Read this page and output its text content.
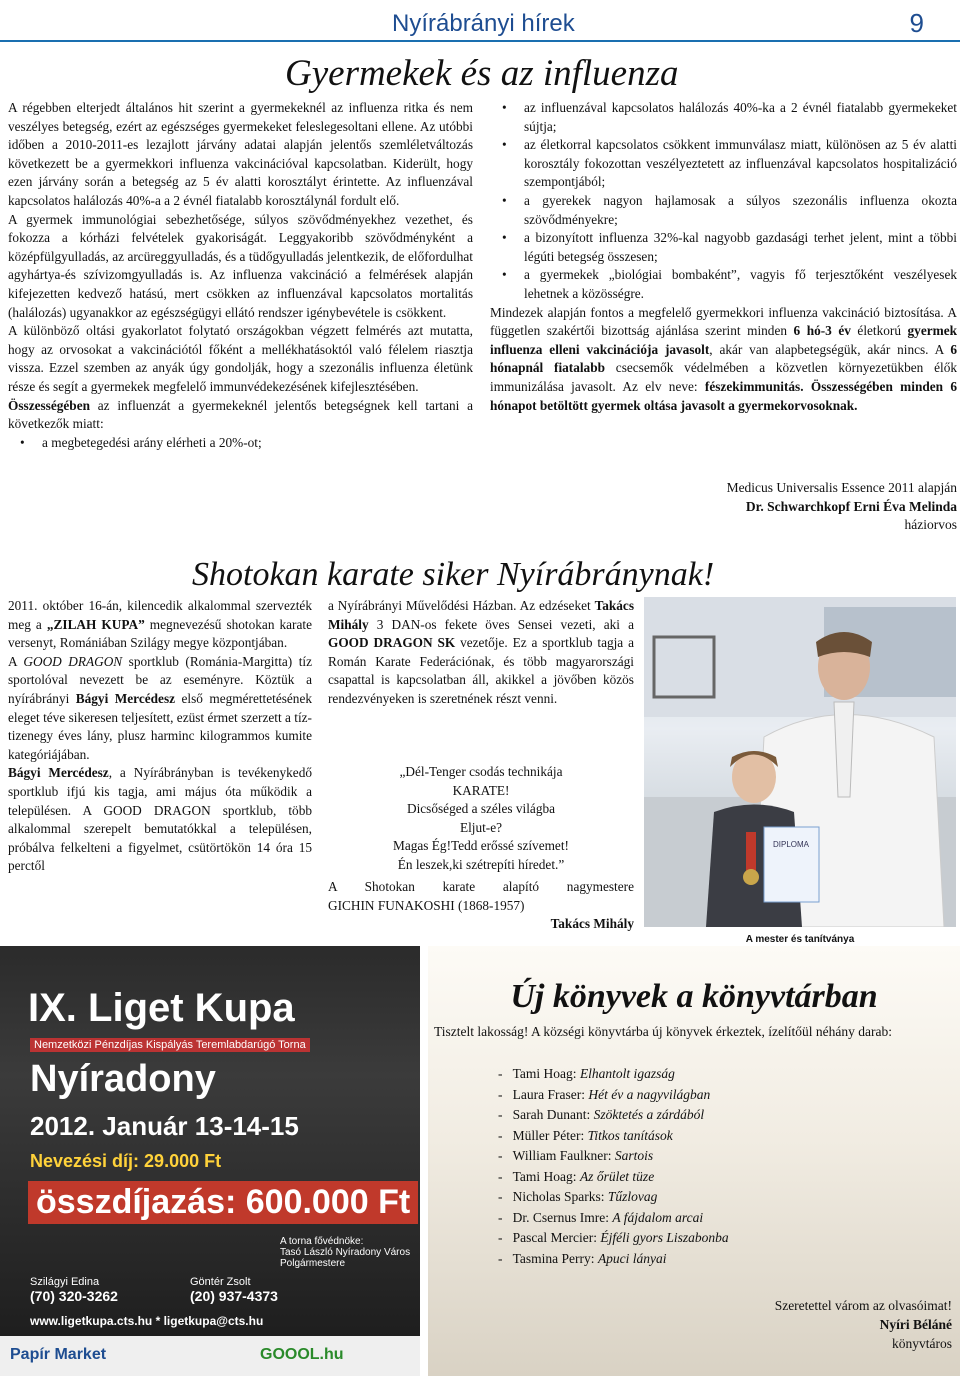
Nyírábrányi hírek	9
Gyermekek és az influenza

A régebben elterjedt általános hit szerint a gyermekeknél az influenza ritka és nem veszélyes betegség, ezért az egészséges gyermekeket feleslegesoltani ellene. Az utóbbi időben a 2010-2011-es lezajlott járvány adatai alapján jelentős szemléletváltozás következett be a gyermekkori influenza vakcinációval kapcsolatban. Kiderült, hogy ezen járvány során a betegség az 5 év alatti korosztályt érintette. Az influenzával kapcsolatos halálozás 40%-a a 2 évnél fiatalabb korosztálynál fordult elő.

A gyermek immunológiai sebezhetősége, súlyos szövődményekhez vezethet, és fokozza a kórházi felvételek gyakoriságát. Leggyakoribb szövődményként a középfülgyulladás, az arcüreggyulladás, és a tüdőgyulladás jelentkezik, de előfordulhat agyhártya-és szívizomgyulladás is. Az influenza vakcináció a felmérések alapján kifejezetten kedvező hatású, mert csökken az influenzával kapcsolatos mortalitás (halálozás) ugyanakkor az egészségügyi ellátó rendszer igénybevétele is csökkent.

A különböző oltási gyakorlatot folytató országokban végzett felmérés azt mutatta, hogy az orvosokat a vakcinációtól főként a mellékhatásoktól való félelem riasztja vissza. Ezzel szemben az anyák úgy gondolják, hogy a szezonális influenza életünk része és segít a gyermekek megfelelő immunvédekezésének kifejlesztésében.

Összességében az influenzát a gyermekeknél jelentős betegségnek kell tartani a következők miatt:

• a megbetegedési arány elérheti a 20%-ot;
• az influenzával kapcsolatos halálozás 40%-ka a 2 évnél fiatalabb gyermekeket sújtja;
• az életkorral kapcsolatos csökkent immunválasz miatt, különösen az 5 év alatti korosztály fokozottan veszélyeztetett az influenzával kapcsolatos hospitalizáció szempontjából;
• a gyerekek nagyon hajlamosak a súlyos szezonális influenza okozta szövődményekre;
• a bizonyított influenza 32%-kal nagyobb gazdasági terhet jelent, mint a többi légúti betegség összesen;
• a gyermekek „biológiai bombaként”, vagyis fő terjesztőként veszélyesek lehetnek a közösségre.

Mindezek alapján fontos a megfelelő gyermekkori influenza vakcináció biztosítása. A független szakértői bizottság ajánlása szerint minden 6 hó-3 év életkorú gyermek influenza elleni vakcinációja javasolt, akár van alapbetegségük, akár nincs. A 6 hónapnál fiatalabb csecsemők védelmében a közvetlen környezetükben élők immunizálása javasolt. Az elv neve: fészekimmunitás. Összességében minden 6 hónapot betöltött gyermek oltása javasolt a gyermekorvosoknak.

Medicus Universalis Essence 2011 alapján
Dr. Schwarchkopf Erni Éva Melinda
háziorvos
Shotokan karate siker Nyírábránynak!

2011. október 16-án, kilencedik alkalommal szervezték meg a „ZILAH KUPA” megnevezésű shotokan karate versenyt, Romániában Szilágy megye központjában.

A GOOD DRAGON sportklub (Románia-Margitta) tíz sportolóval nevezett be az eseményre. Köztük a nyírábrányi Bágyi Mercédesz első megmérettetésének eleget téve sikeresen teljesített, ezüst érmet szerzett a tíz-tizenegy éves lány, plusz harminc kilogrammos kumite kategóriájában.

Bágyi Mercédesz, a Nyírábrányban is tevékenykedő sportklub ifjú kis tagja, ami május óta működik a településen. A GOOD DRAGON sportklub, több alkalommal szerepelt bemutatókkal a településen, próbálva felkelteni a figyelmet, csütörtökön 14 óra 15 perctől

a Nyírábrányi Művelődési Házban. Az edzéseket Takács Mihály 3 DAN-os fekete öves Sensei vezeti, aki a GOOD DRAGON SK vezetője. Ez a sportklub tagja a Román Karate Federációnak, és több magyarországi csapattal is kapcsolatban áll, akikkel a jövőben közös rendezvényeken is szeretnének részt venni.

„Dél-Tenger csodás technikája
KARATE!
Dicsőséged a széles világba
Eljut-e?
Magas Ég!Tedd erőssé szívemet!
Én leszek,ki szétrepíti híredet.”
A Shotokan karate alapító nagymestere
GICHIN FUNAKOSHI (1868-1957)
Takács Mihály
DIPLOMA
A mester és tanítványa
IX. Liget Kupa
Nemzetközi Pénzdíjas Kispályás Teremlabdarúgó Torna
Nyíradony
2012. Január 13-14-15
Nevezési díj: 29.000 Ft
összdíjazás: 600.000 Ft
A torna fővédnöke:
Tasó László Nyíradony Város Polgármestere
Szilágyi Edina
(70) 320-3262
Göntér Zsolt
(20) 937-4373
www.ligetkupa.cts.hu * ligetkupa@cts.hu
Papír Market	GOOOL.hu
Új könyvek a könyvtárban
Tisztelt lakosság! A községi könyvtárba új könyvek érkeztek, ízelítőül néhány darab:
-   Tami Hoag: Elhantolt igazság
-   Laura Fraser: Hét év a nagyvilágban
-   Sarah Dunant: Szöktetés a zárdából
-   Müller Péter: Titkos tanítások
-   William Faulkner: Sartois
-   Tami Hoag: Az őrület tüze
-   Nicholas Sparks: Tűzlovag
-   Dr. Csernus Imre: A fájdalom arcai
-   Pascal Mercier: Éjféli gyors Liszabonba
-   Tasmina Perry: Apuci lányai
Szeretettel várom az olvasóimat!
Nyíri Béláné
könyvtáros
